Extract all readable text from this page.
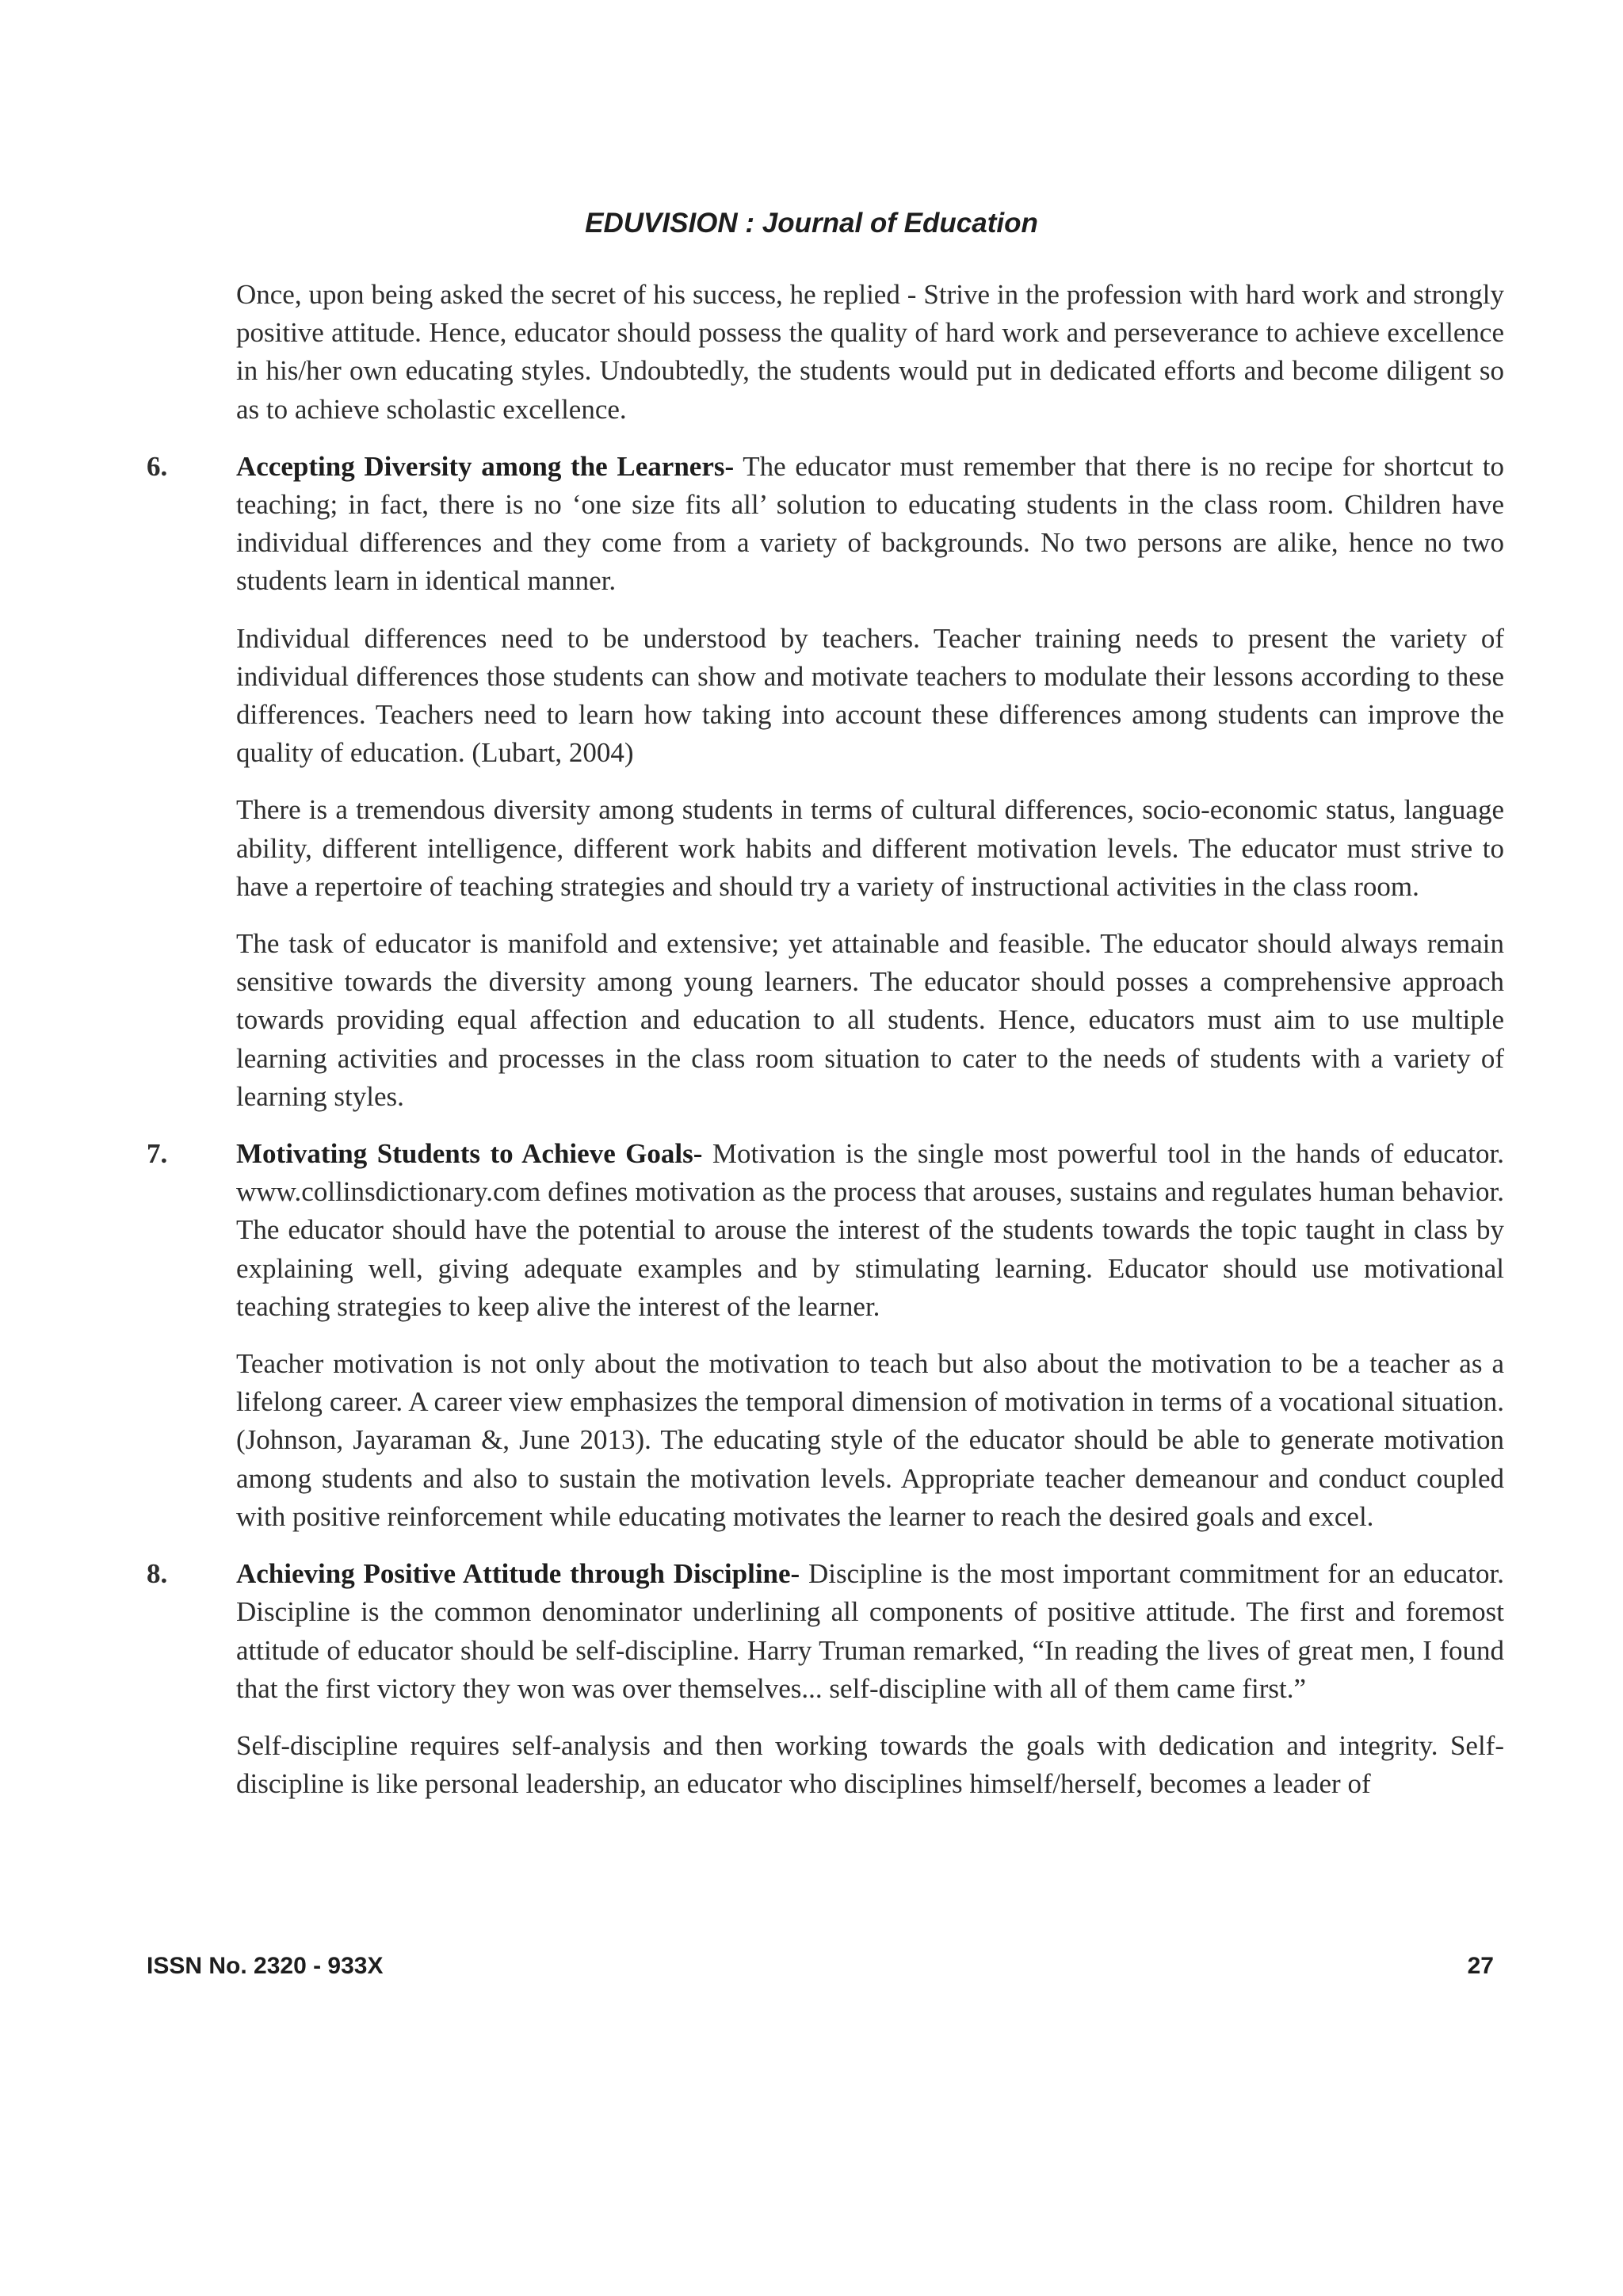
EDUVISION : Journal of Education

Once, upon being asked the secret of his success, he replied - Strive in the profession with hard work and strongly positive attitude. Hence, educator should possess the quality of hard work and perseverance to achieve excellence in his/her own educating styles. Undoubtedly, the students would put in dedicated efforts and become diligent so as to achieve scholastic excellence.

6.	Accepting Diversity among the Learners- The educator must remember that there is no recipe for shortcut to teaching; in fact, there is no ‘one size fits all’ solution to educating students in the class room. Children have individual differences and they come from a variety of backgrounds. No two persons are alike, hence no two students learn in identical manner.

Individual differences need to be understood by teachers. Teacher training needs to present the variety of individual differences those students can show and motivate teachers to modulate their lessons according to these differences. Teachers need to learn how taking into account these differences among students can improve the quality of education. (Lubart, 2004)

There is a tremendous diversity among students in terms of cultural differences, socio-economic status, language ability, different intelligence, different work habits and different motivation levels. The educator must strive to have a repertoire of teaching strategies and should try a variety of instructional activities in the class room.

The task of educator is manifold and extensive; yet attainable and feasible. The educator should always remain sensitive towards the diversity among young learners. The educator should posses a comprehensive approach towards providing equal affection and education to all students. Hence, educators must aim to use multiple learning activities and processes in the class room situation to cater to the needs of students with a variety of learning styles.

7.	Motivating Students to Achieve Goals- Motivation is the single most powerful tool in the hands of educator. www.collinsdictionary.com defines motivation as the process that arouses, sustains and regulates human behavior. The educator should have the potential to arouse the interest of the students towards the topic taught in class by explaining well, giving adequate examples and by stimulating learning. Educator should use motivational teaching strategies to keep alive the interest of the learner.

Teacher motivation is not only about the motivation to teach but also about the motivation to be a teacher as a lifelong career. A career view emphasizes the temporal dimension of motivation in terms of a vocational situation. (Johnson, Jayaraman &, June 2013). The educating style of the educator should be able to generate motivation among students and also to sustain the motivation levels. Appropriate teacher demeanour and conduct coupled with positive reinforcement while educating motivates the learner to reach the desired goals and excel.

8.	Achieving Positive Attitude through Discipline- Discipline is the most important commitment for an educator. Discipline is the common denominator underlining all components of positive attitude. The first and foremost attitude of educator should be self-discipline. Harry Truman remarked, “In reading the lives of great men, I found that the first victory they won was over themselves... self-discipline with all of them came first.”

Self-discipline requires self-analysis and then working towards the goals with dedication and integrity. Self-discipline is like personal leadership, an educator who disciplines himself/herself, becomes a leader of

ISSN No. 2320 - 933X	27
